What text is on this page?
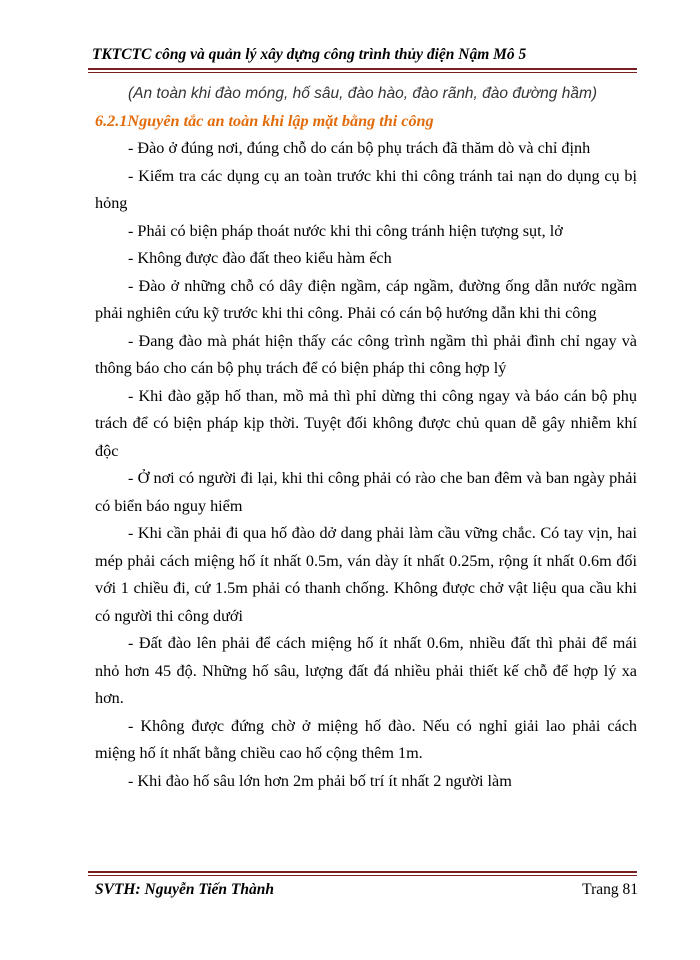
TKTCTC công và quản lý xây dựng công trình thủy điện Nậm Mô 5

(An toàn khi đào móng, hố sâu, đào hào, đào rãnh, đào đường hầm)

6.2.1Nguyên tắc an toàn khi lập mặt bằng thi công

- Đào ở đúng nơi, đúng chỗ do cán bộ phụ trách đã thăm dò và chỉ định

- Kiểm tra các dụng cụ an toàn trước khi thi công tránh tai nạn do dụng cụ bị hỏng

- Phải có biện pháp thoát nước khi thi công tránh hiện tượng sụt, lở

- Không được đào đất theo kiểu hàm ếch

- Đào ở những chỗ có dây điện ngầm, cáp ngầm, đường ống dẫn nước ngầm phải nghiên cứu kỹ trước khi thi công. Phải có cán bộ hướng dẫn khi thi công

- Đang đào mà phát hiện thấy các công trình ngầm thì phải đình chỉ ngay và thông báo cho cán bộ phụ trách để có biện pháp thi công hợp lý

- Khi đào gặp hố than, mồ mả thì phỉ dừng thi công ngay và báo cán bộ phụ trách để có biện pháp kịp thời. Tuyệt đối không được chủ quan dễ gây nhiễm khí độc

- Ở nơi có người đi lại, khi thi công phải có rào che ban đêm và ban ngày phải có biển báo nguy hiểm

- Khi cần phải đi qua hố đào dở dang phải làm cầu vững chắc. Có tay vịn, hai mép phải cách miệng hố ít nhất 0.5m, ván dày ít nhất 0.25m, rộng ít nhất 0.6m đối với 1 chiều đi, cứ 1.5m phải có thanh chống. Không được chở vật liệu qua cầu khi có người thi công dưới

- Đất đào lên phải để cách miệng hố ít nhất 0.6m, nhiều đất thì phải để mái nhỏ hơn 45 độ. Những hố sâu, lượng đất đá nhiều phải thiết kế chỗ để hợp lý xa hơn.

- Không được đứng chờ ở miệng hố đào. Nếu có nghỉ giải lao phải cách miệng hố ít nhất bằng chiều cao hố cộng thêm 1m.

- Khi đào hố sâu lớn hơn 2m phải bố trí ít nhất 2 người làm

SVTH: Nguyễn Tiến Thành	Trang 81
